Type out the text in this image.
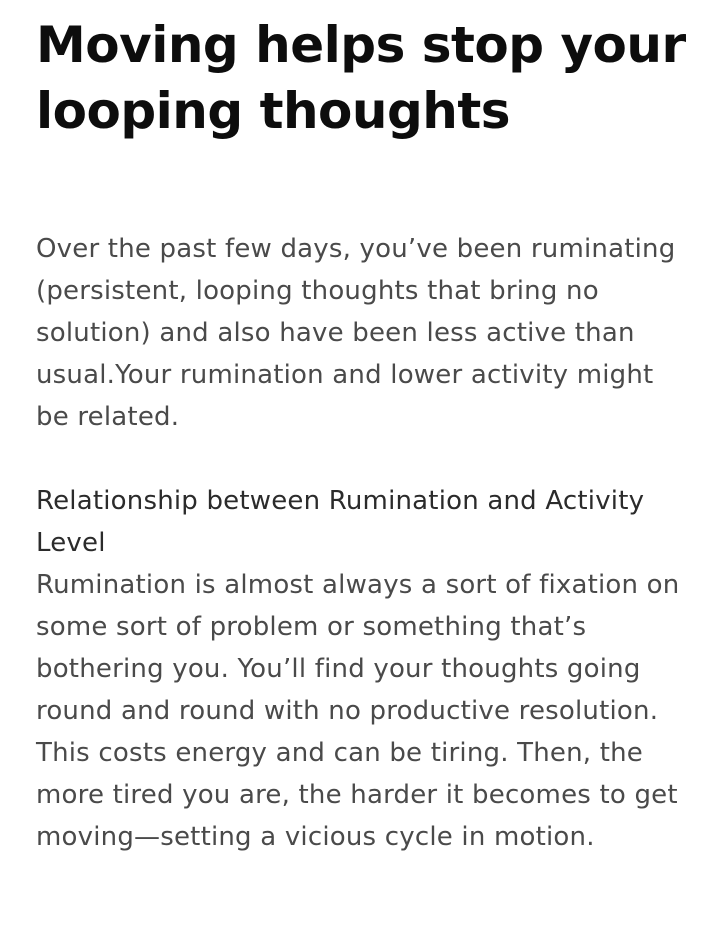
Moving helps stop your looping thoughts

Over the past few days, you’ve been ruminating (persistent, looping thoughts that bring no solution) and also have been less active than usual.Your rumination and lower activity might be related.

Relationship between Rumination and Activity Level

Rumination is almost always a sort of fixation on some sort of problem or something that’s bothering you. You’ll find your thoughts going round and round with no productive resolution. This costs energy and can be tiring. Then, the more tired you are, the harder it becomes to get moving—setting a vicious cycle in motion.
